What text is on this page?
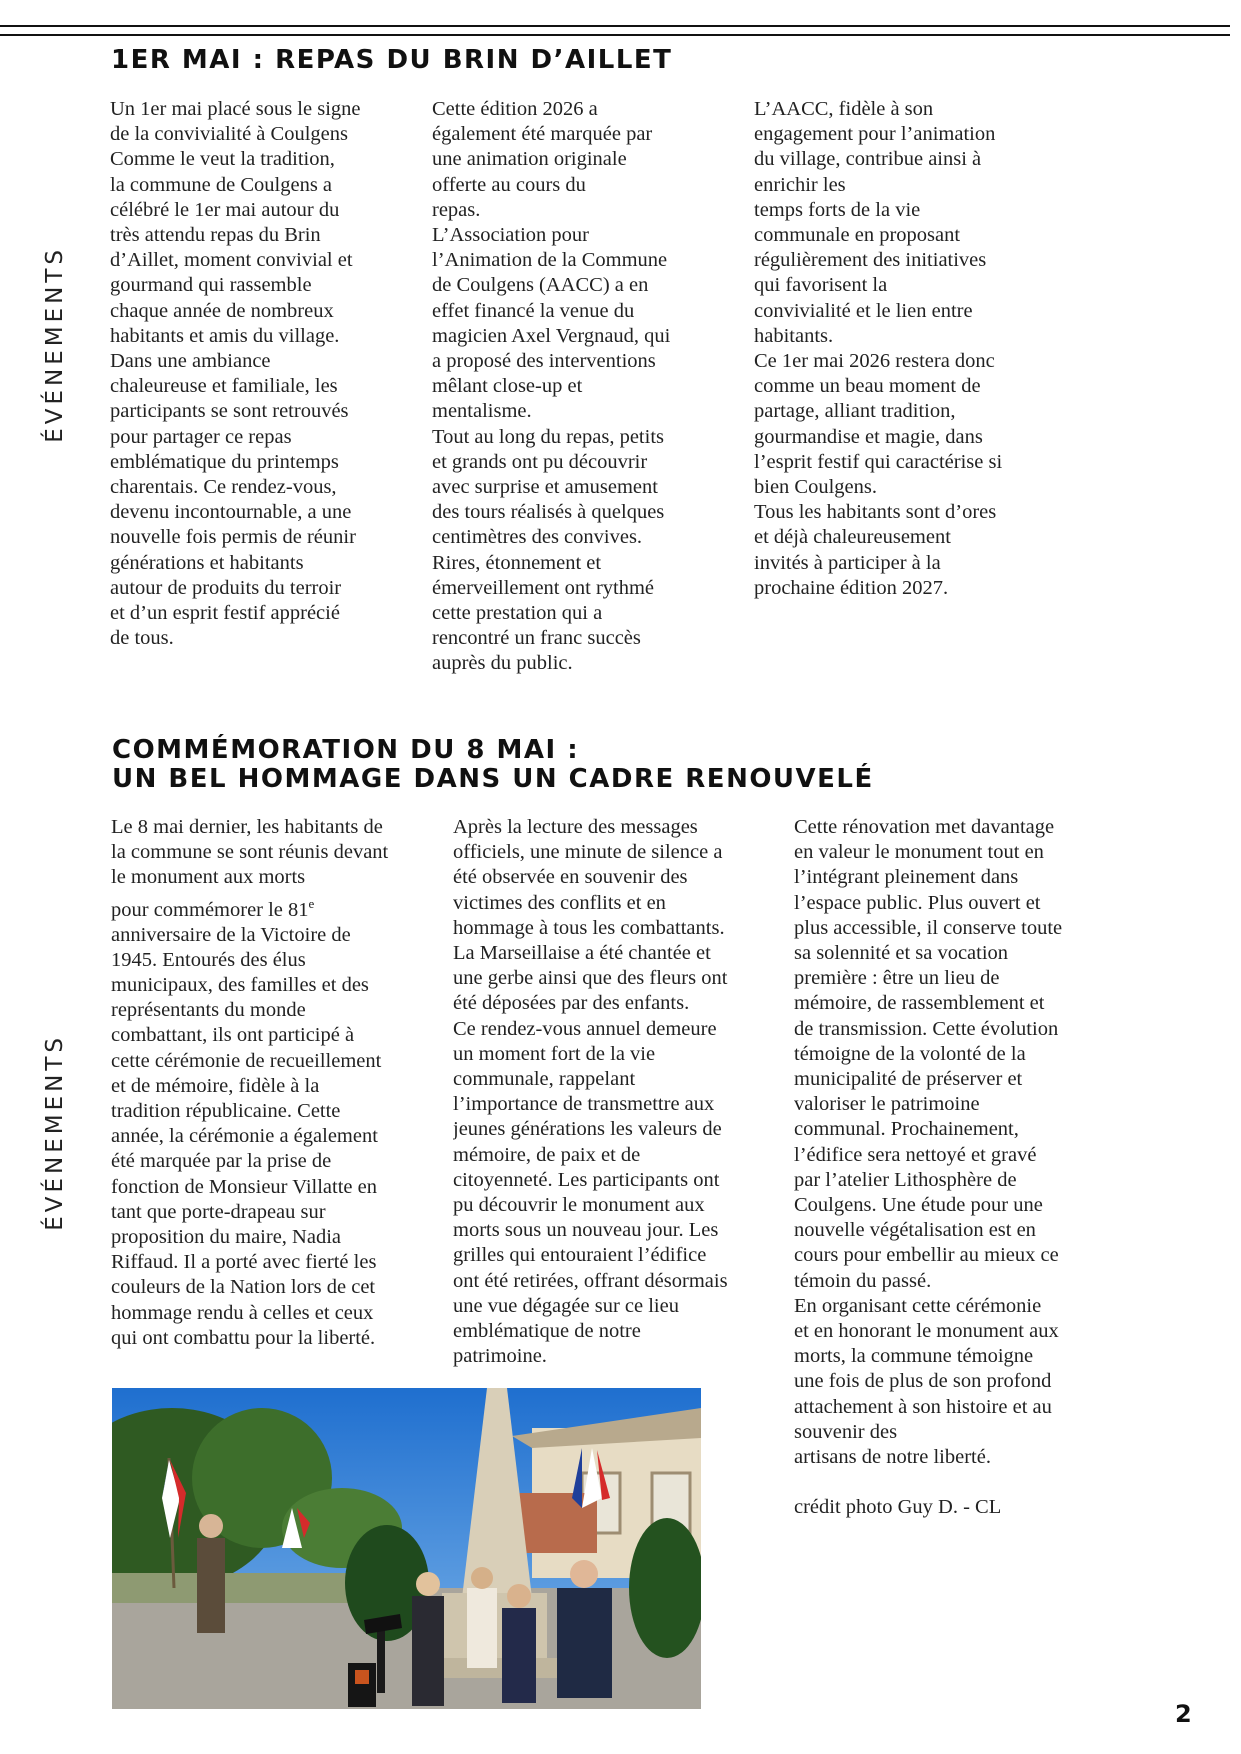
ÉVÉNEMENTS
1ER MAI : REPAS DU BRIN D’AILLET
Un 1er mai placé sous le signe
de la convivialité à Coulgens
Comme le veut la tradition,
la commune de Coulgens a
célébré le 1er mai autour du
très attendu repas du Brin
d’Aillet, moment convivial et
gourmand qui rassemble
chaque année de nombreux
habitants et amis du village.
Dans une ambiance
chaleureuse et familiale, les
participants se sont retrouvés
pour partager ce repas
emblématique du printemps
charentais. Ce rendez-vous,
devenu incontournable, a une
nouvelle fois permis de réunir
générations et habitants
autour de produits du terroir
et d’un esprit festif apprécié
de tous.
Cette édition 2026 a
également été marquée par
une animation originale
offerte au cours du
repas.
L’Association pour
l’Animation de la Commune
de Coulgens (AACC) a en
effet financé la venue du
magicien Axel Vergnaud, qui
a proposé des interventions
mêlant close-up et
mentalisme.
Tout au long du repas, petits
et grands ont pu découvrir
avec surprise et amusement
des tours réalisés à quelques
centimètres des convives.
Rires, étonnement et
émerveillement ont rythmé
cette prestation qui a
rencontré un franc succès
auprès du public.
L’AACC, fidèle à son
engagement pour l’animation
du village, contribue ainsi à
enrichir les
temps forts de la vie
communale en proposant
régulièrement des initiatives
qui favorisent la
convivialité et le lien entre
habitants.
Ce 1er mai 2026 restera donc
comme un beau moment de
partage, alliant tradition,
gourmandise et magie, dans
l’esprit festif qui caractérise si
bien Coulgens.
Tous les habitants sont d’ores
et déjà chaleureusement
invités à participer à la
prochaine édition 2027.
ÉVÉNEMENTS
COMMÉMORATION DU 8 MAI :
UN BEL HOMMAGE DANS UN CADRE RENOUVELÉ
Le 8 mai dernier, les habitants de
la commune se sont réunis devant
le monument aux morts
pour commémorer le 81e
anniversaire de la Victoire de
1945. Entourés des élus
municipaux, des familles et des
représentants du monde
combattant, ils ont participé à
cette cérémonie de recueillement
et de mémoire, fidèle à la
tradition républicaine. Cette
année, la cérémonie a également
été marquée par la prise de
fonction de Monsieur Villatte en
tant que porte-drapeau sur
proposition du maire, Nadia
Riffaud. Il a porté avec fierté les
couleurs de la Nation lors de cet
hommage rendu à celles et ceux
qui ont combattu pour la liberté.
Après la lecture des messages
officiels, une minute de silence a
été observée en souvenir des
victimes des conflits et en
hommage à tous les combattants.
La Marseillaise a été chantée et
une gerbe ainsi que des fleurs ont
été déposées par des enfants.
Ce rendez-vous annuel demeure
un moment fort de la vie
communale, rappelant
l’importance de transmettre aux
jeunes générations les valeurs de
mémoire, de paix et de
citoyenneté. Les participants ont
pu découvrir le monument aux
morts sous un nouveau jour. Les
grilles qui entouraient l’édifice
ont été retirées, offrant désormais
une vue dégagée sur ce lieu
emblématique de notre
patrimoine.
Cette rénovation met davantage
en valeur le monument tout en
l’intégrant pleinement dans
l’espace public. Plus ouvert et
plus accessible, il conserve toute
sa solennité et sa vocation
première : être un lieu de
mémoire, de rassemblement et
de transmission. Cette évolution
témoigne de la volonté de la
municipalité de préserver et
valoriser le patrimoine
communal. Prochainement,
l’édifice sera nettoyé et gravé
par l’atelier Lithosphère de
Coulgens. Une étude pour une
nouvelle végétalisation est en
cours pour embellir au mieux ce
témoin du passé.
En organisant cette cérémonie
et en honorant le monument aux
morts, la commune témoigne
une fois de plus de son profond
attachement à son histoire et au
souvenir des
artisans de notre liberté.

crédit photo Guy D. - CL
2
